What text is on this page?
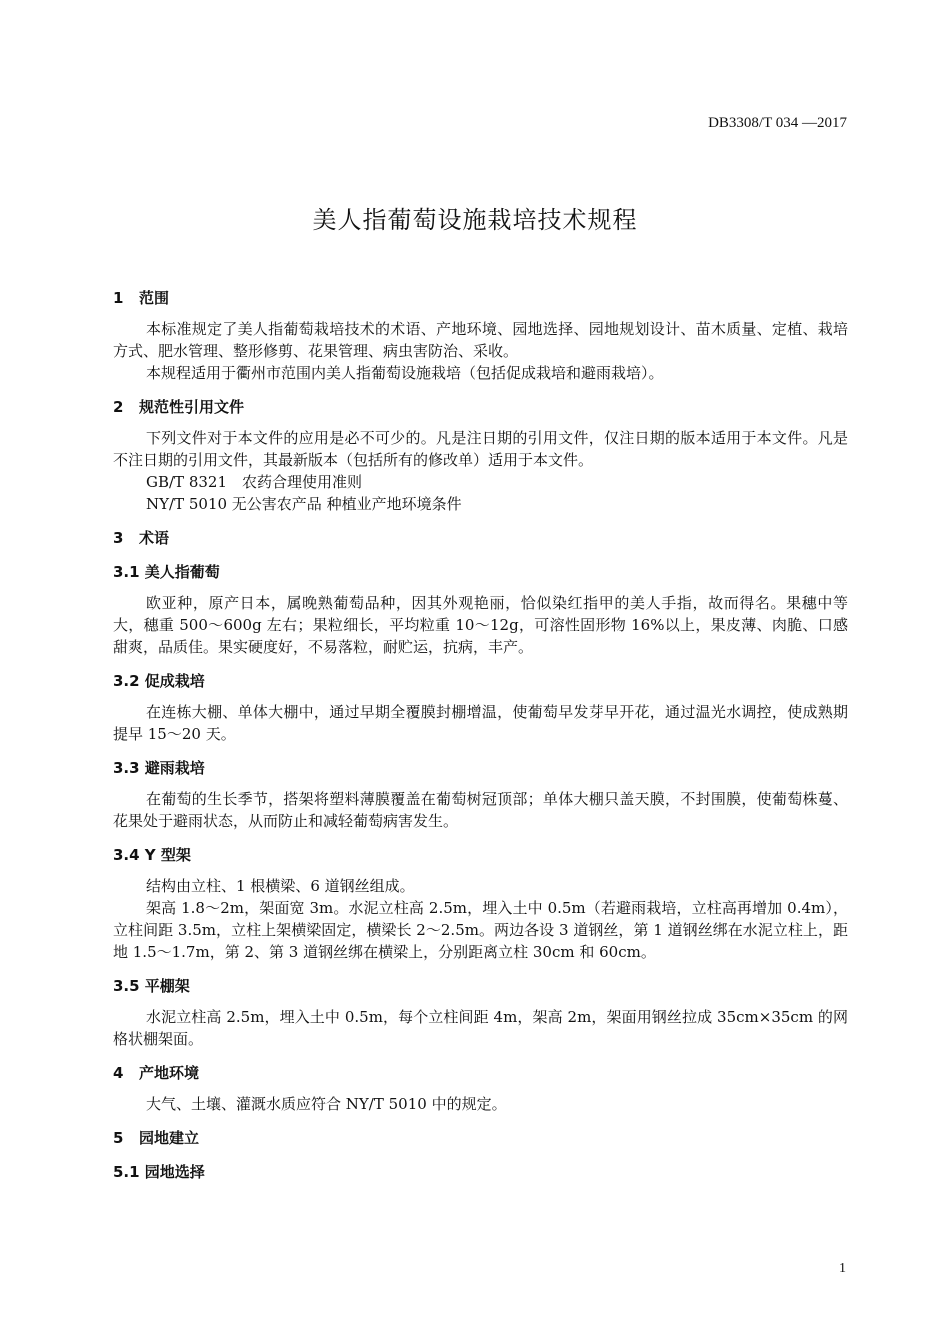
DB3308/T 034 —2017
美人指葡萄设施栽培技术规程
1 范围

本标准规定了美人指葡萄栽培技术的术语、产地环境、园地选择、园地规划设计、苗木质量、定植、栽培方式、肥水管理、整形修剪、花果管理、病虫害防治、采收。

本规程适用于衢州市范围内美人指葡萄设施栽培（包括促成栽培和避雨栽培）。

2 规范性引用文件

下列文件对于本文件的应用是必不可少的。凡是注日期的引用文件，仅注日期的版本适用于本文件。凡是不注日期的引用文件，其最新版本（包括所有的修改单）适用于本文件。

GB/T 8321　农药合理使用准则

NY/T 5010 无公害农产品 种植业产地环境条件

3 术语
3.1 美人指葡萄

欧亚种，原产日本，属晚熟葡萄品种，因其外观艳丽，恰似染红指甲的美人手指，故而得名。果穗中等大，穗重 500～600g 左右；果粒细长，平均粒重 10～12g，可溶性固形物 16%以上，果皮薄、肉脆、口感甜爽，品质佳。果实硬度好，不易落粒，耐贮运，抗病，丰产。

3.2 促成栽培

在连栋大棚、单体大棚中，通过早期全覆膜封棚增温，使葡萄早发芽早开花，通过温光水调控，使成熟期提早 15～20 天。

3.3 避雨栽培

在葡萄的生长季节，搭架将塑料薄膜覆盖在葡萄树冠顶部；单体大棚只盖天膜，不封围膜，使葡萄株蔓、花果处于避雨状态，从而防止和减轻葡萄病害发生。

3.4 Y 型架

结构由立柱、1 根横梁、6 道钢丝组成。

架高 1.8～2m，架面宽 3m。水泥立柱高 2.5m，埋入土中 0.5m（若避雨栽培，立柱高再增加 0.4m），立柱间距 3.5m，立柱上架横梁固定，横梁长 2～2.5m。两边各设 3 道钢丝，第 1 道钢丝绑在水泥立柱上，距地 1.5～1.7m，第 2、第 3 道钢丝绑在横梁上，分别距离立柱 30cm 和 60cm。

3.5 平棚架

水泥立柱高 2.5m，埋入土中 0.5m，每个立柱间距 4m，架高 2m，架面用钢丝拉成 35cm×35cm 的网格状棚架面。

4 产地环境

大气、土壤、灌溉水质应符合 NY/T 5010 中的规定。

5 园地建立
5.1 园地选择
1
